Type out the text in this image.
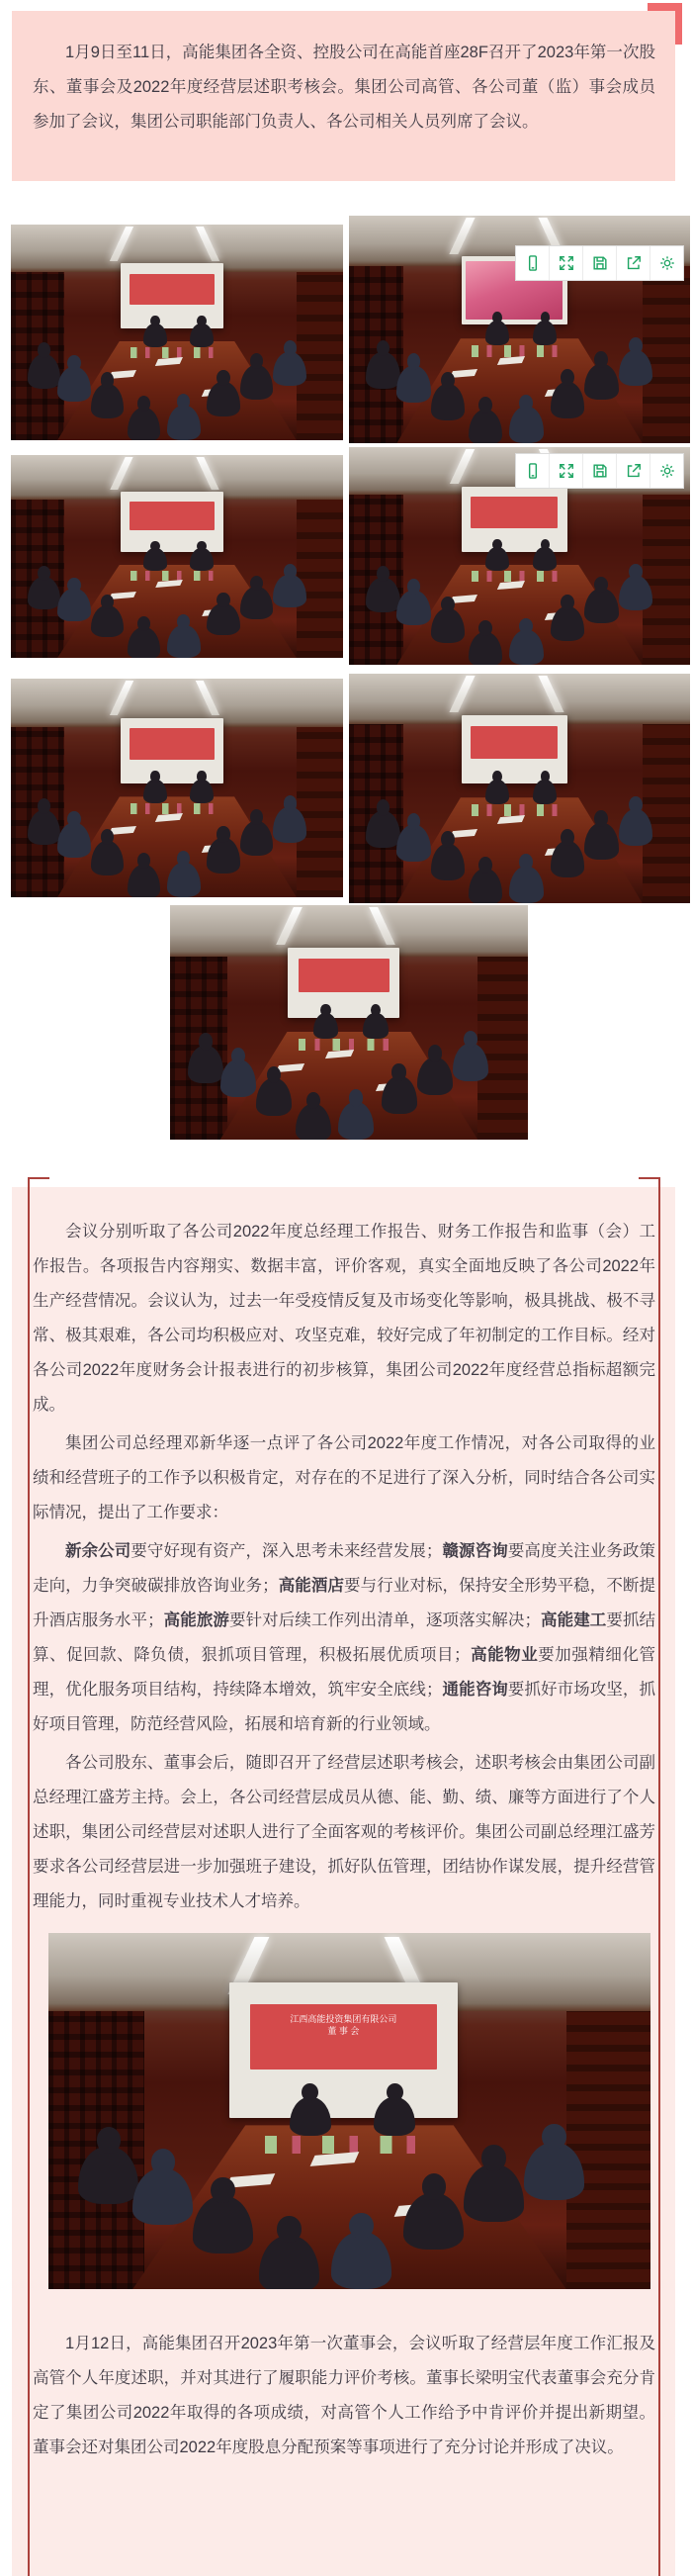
1月9日至11日，高能集团各全资、控股公司在高能首座28F召开了2023年第一次股东、董事会及2022年度经营层述职考核会。集团公司高管、各公司董（监）事会成员参加了会议，集团公司职能部门负责人、各公司相关人员列席了会议。

会议分别听取了各公司2022年度总经理工作报告、财务工作报告和监事（会）工作报告。各项报告内容翔实、数据丰富，评价客观，真实全面地反映了各公司2022年生产经营情况。会议认为，过去一年受疫情反复及市场变化等影响，极具挑战、极不寻常、极其艰难，各公司均积极应对、攻坚克难，较好完成了年初制定的工作目标。经对各公司2022年度财务会计报表进行的初步核算，集团公司2022年度经营总指标超额完成。

集团公司总经理邓新华逐一点评了各公司2022年度工作情况，对各公司取得的业绩和经营班子的工作予以积极肯定，对存在的不足进行了深入分析，同时结合各公司实际情况，提出了工作要求：

新余公司要守好现有资产，深入思考未来经营发展；赣源咨询要高度关注业务政策走向，力争突破碳排放咨询业务；高能酒店要与行业对标，保持安全形势平稳，不断提升酒店服务水平；高能旅游要针对后续工作列出清单，逐项落实解决；高能建工要抓结算、促回款、降负债，狠抓项目管理，积极拓展优质项目；高能物业要加强精细化管理，优化服务项目结构，持续降本增效，筑牢安全底线；通能咨询要抓好市场攻坚，抓好项目管理，防范经营风险，拓展和培育新的行业领域。

各公司股东、董事会后，随即召开了经营层述职考核会，述职考核会由集团公司副总经理江盛芳主持。会上，各公司经营层成员从德、能、勤、绩、廉等方面进行了个人述职，集团公司经营层对述职人进行了全面客观的考核评价。集团公司副总经理江盛芳要求各公司经营层进一步加强班子建设，抓好队伍管理，团结协作谋发展，提升经营管理能力，同时重视专业技术人才培养。

江西高能投资集团有限公司
董 事 会

1月12日，高能集团召开2023年第一次董事会，会议听取了经营层年度工作汇报及高管个人年度述职，并对其进行了履职能力评价考核。董事长梁明宝代表董事会充分肯定了集团公司2022年取得的各项成绩，对高管个人工作给予中肯评价并提出新期望。董事会还对集团公司2022年度股息分配预案等事项进行了充分讨论并形成了决议。
